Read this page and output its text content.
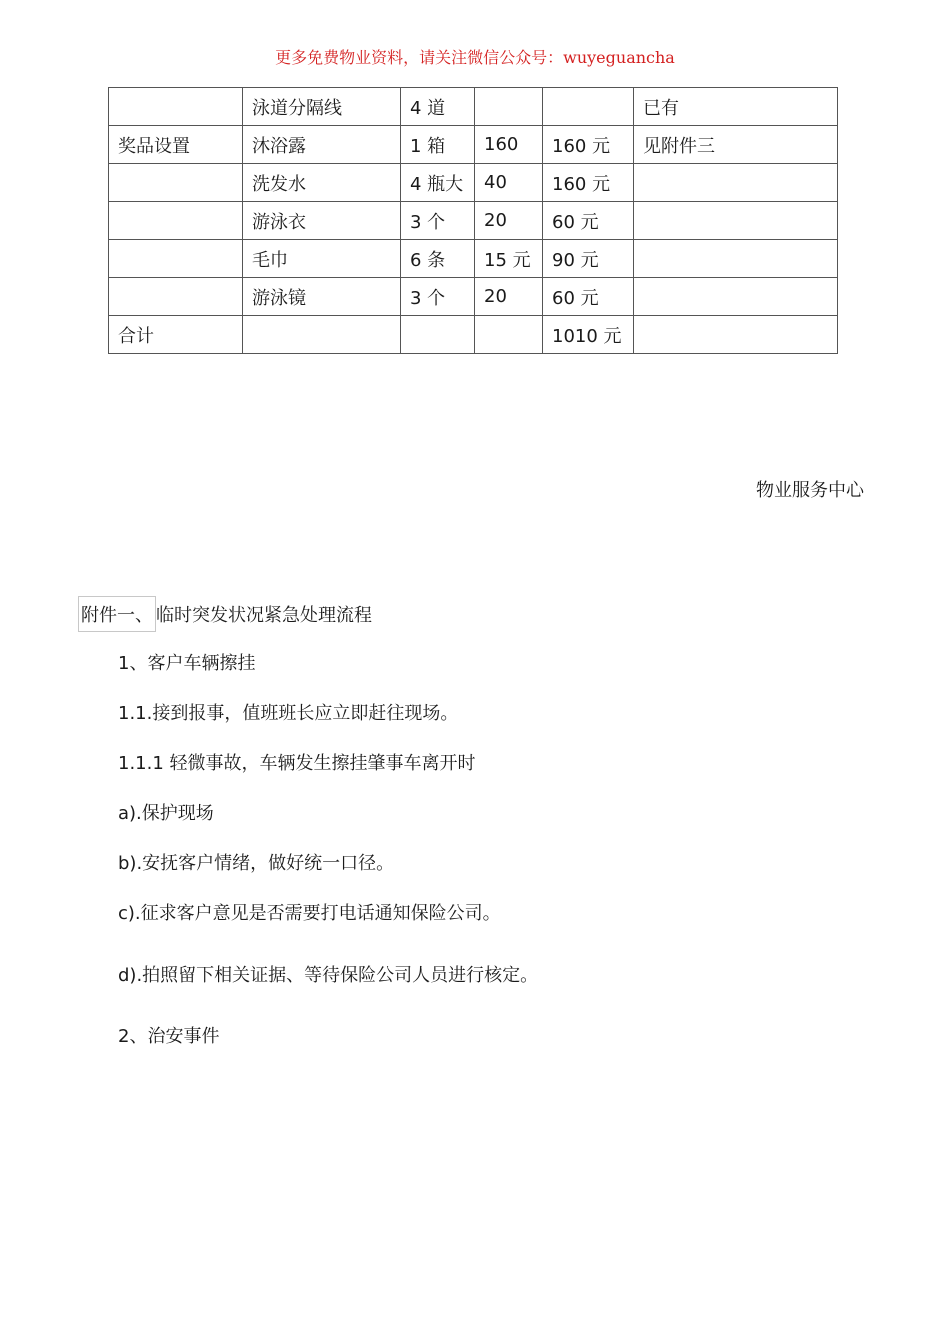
更多免费物业资料，请关注微信公众号：wuyeguancha
	泳道分隔线	4 道			已有
奖品设置	沐浴露	1 箱	160	160 元	见附件三
	洗发水	4 瓶大	40	160 元	
	游泳衣	3 个	20	60 元	
	毛巾	6 条	15 元	90 元	
	游泳镜	3 个	20	60 元	
合计				1010 元	
物业服务中心
附件一、 临时突发状况紧急处理流程
1、客户车辆擦挂
1.1.接到报事，值班班长应立即赶往现场。
1.1.1 轻微事故，车辆发生擦挂肇事车离开时
a).保护现场
b).安抚客户情绪，做好统一口径。
c).征求客户意见是否需要打电话通知保险公司。
d).拍照留下相关证据、等待保险公司人员进行核定。
2、治安事件
